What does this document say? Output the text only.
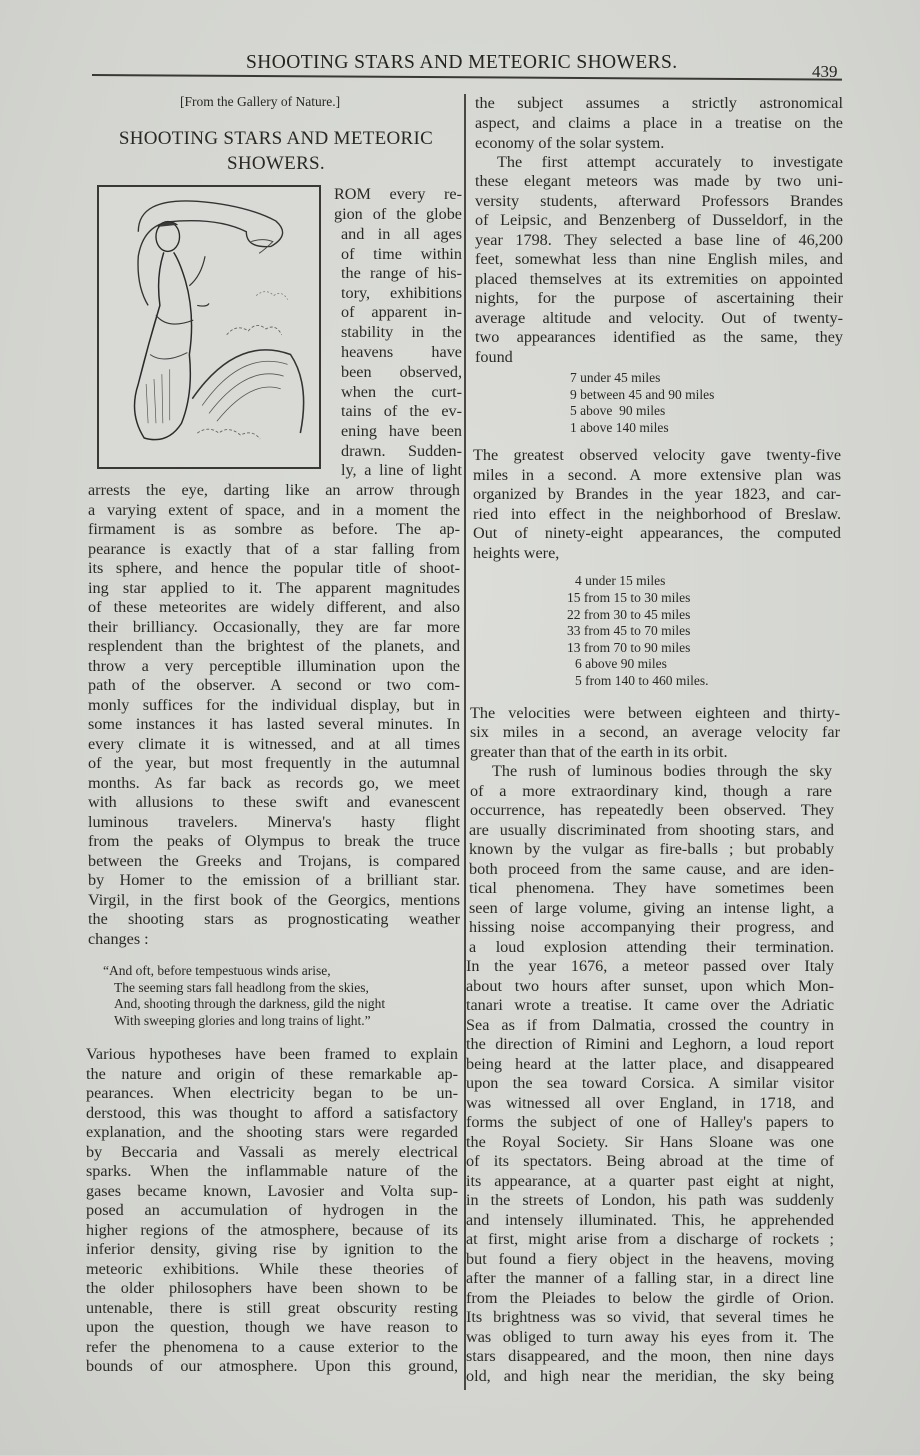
SHOOTING STARS AND METEORIC SHOWERS.	439
[From the Gallery of Nature.]
SHOOTING STARS AND METEORIC
SHOWERS.
ROM every re-
gion of the globe
and in all ages
of time within
the range of his-
tory, exhibitions
of apparent in-
stability in the
heavens have
been observed,
when the curt-
tains of the ev-
ening have been
drawn. Sudden-
ly, a line of light
arrests the eye, darting like an arrow through
a varying extent of space, and in a moment the
firmament is as sombre as before. The ap-
pearance is exactly that of a star falling from
its sphere, and hence the popular title of shoot-
ing star applied to it. The apparent magnitudes
of these meteorites are widely different, and also
their brilliancy. Occasionally, they are far more
resplendent than the brightest of the planets, and
throw a very perceptible illumination upon the
path of the observer. A second or two com-
monly suffices for the individual display, but in
some instances it has lasted several minutes. In
every climate it is witnessed, and at all times
of the year, but most frequently in the autumnal
months. As far back as records go, we meet
with allusions to these swift and evanescent
luminous travelers. Minerva's hasty flight
from the peaks of Olympus to break the truce
between the Greeks and Trojans, is compared
by Homer to the emission of a brilliant star.
Virgil, in the first book of the Georgics, mentions
the shooting stars as prognosticating weather
changes :
“And oft, before tempestuous winds arise,
The seeming stars fall headlong from the skies,
And, shooting through the darkness, gild the night
With sweeping glories and long trains of light.”
Various hypotheses have been framed to explain
the nature and origin of these remarkable ap-
pearances. When electricity began to be un-
derstood, this was thought to afford a satisfactory
explanation, and the shooting stars were regarded
by Beccaria and Vassali as merely electrical
sparks. When the inflammable nature of the
gases became known, Lavosier and Volta sup-
posed an accumulation of hydrogen in the
higher regions of the atmosphere, because of its
inferior density, giving rise by ignition to the
meteoric exhibitions. While these theories of
the older philosophers have been shown to be
untenable, there is still great obscurity resting
upon the question, though we have reason to
refer the phenomena to a cause exterior to the
bounds of our atmosphere. Upon this ground,
the subject assumes a strictly astronomical
aspect, and claims a place in a treatise on the
economy of the solar system.
The first attempt accurately to investigate
these elegant meteors was made by two uni-
versity students, afterward Professors Brandes
of Leipsic, and Benzenberg of Dusseldorf, in the
year 1798. They selected a base line of 46,200
feet, somewhat less than nine English miles, and
placed themselves at its extremities on appointed
nights, for the purpose of ascertaining their
average altitude and velocity. Out of twenty-
two appearances identified as the same, they
found
7 under 45 miles
9 between 45 and 90 miles
5 above  90 miles
1 above 140 miles
The greatest observed velocity gave twenty-five
miles in a second. A more extensive plan was
organized by Brandes in the year 1823, and car-
ried into effect in the neighborhood of Breslaw.
Out of ninety-eight appearances, the computed
heights were,
4 under 15 miles
15 from 15 to 30 miles
22 from 30 to 45 miles
33 from 45 to 70 miles
13 from 70 to 90 miles
6 above 90 miles
5 from 140 to 460 miles.
The velocities were between eighteen and thirty-
six miles in a second, an average velocity far
greater than that of the earth in its orbit.
The rush of luminous bodies through the sky
of a more extraordinary kind, though a rare
occurrence, has repeatedly been observed. They
are usually discriminated from shooting stars, and
known by the vulgar as fire-balls ; but probably
both proceed from the same cause, and are iden-
tical phenomena. They have sometimes been
seen of large volume, giving an intense light, a
hissing noise accompanying their progress, and
a loud explosion attending their termination.
In the year 1676, a meteor passed over Italy
about two hours after sunset, upon which Mon-
tanari wrote a treatise. It came over the Adriatic
Sea as if from Dalmatia, crossed the country in
the direction of Rimini and Leghorn, a loud report
being heard at the latter place, and disappeared
upon the sea toward Corsica. A similar visitor
was witnessed all over England, in 1718, and
forms the subject of one of Halley's papers to
the Royal Society. Sir Hans Sloane was one
of its spectators. Being abroad at the time of
its appearance, at a quarter past eight at night,
in the streets of London, his path was suddenly
and intensely illuminated. This, he apprehended
at first, might arise from a discharge of rockets ;
but found a fiery object in the heavens, moving
after the manner of a falling star, in a direct line
from the Pleiades to below the girdle of Orion.
Its brightness was so vivid, that several times he
was obliged to turn away his eyes from it. The
stars disappeared, and the moon, then nine days
old, and high near the meridian, the sky being
